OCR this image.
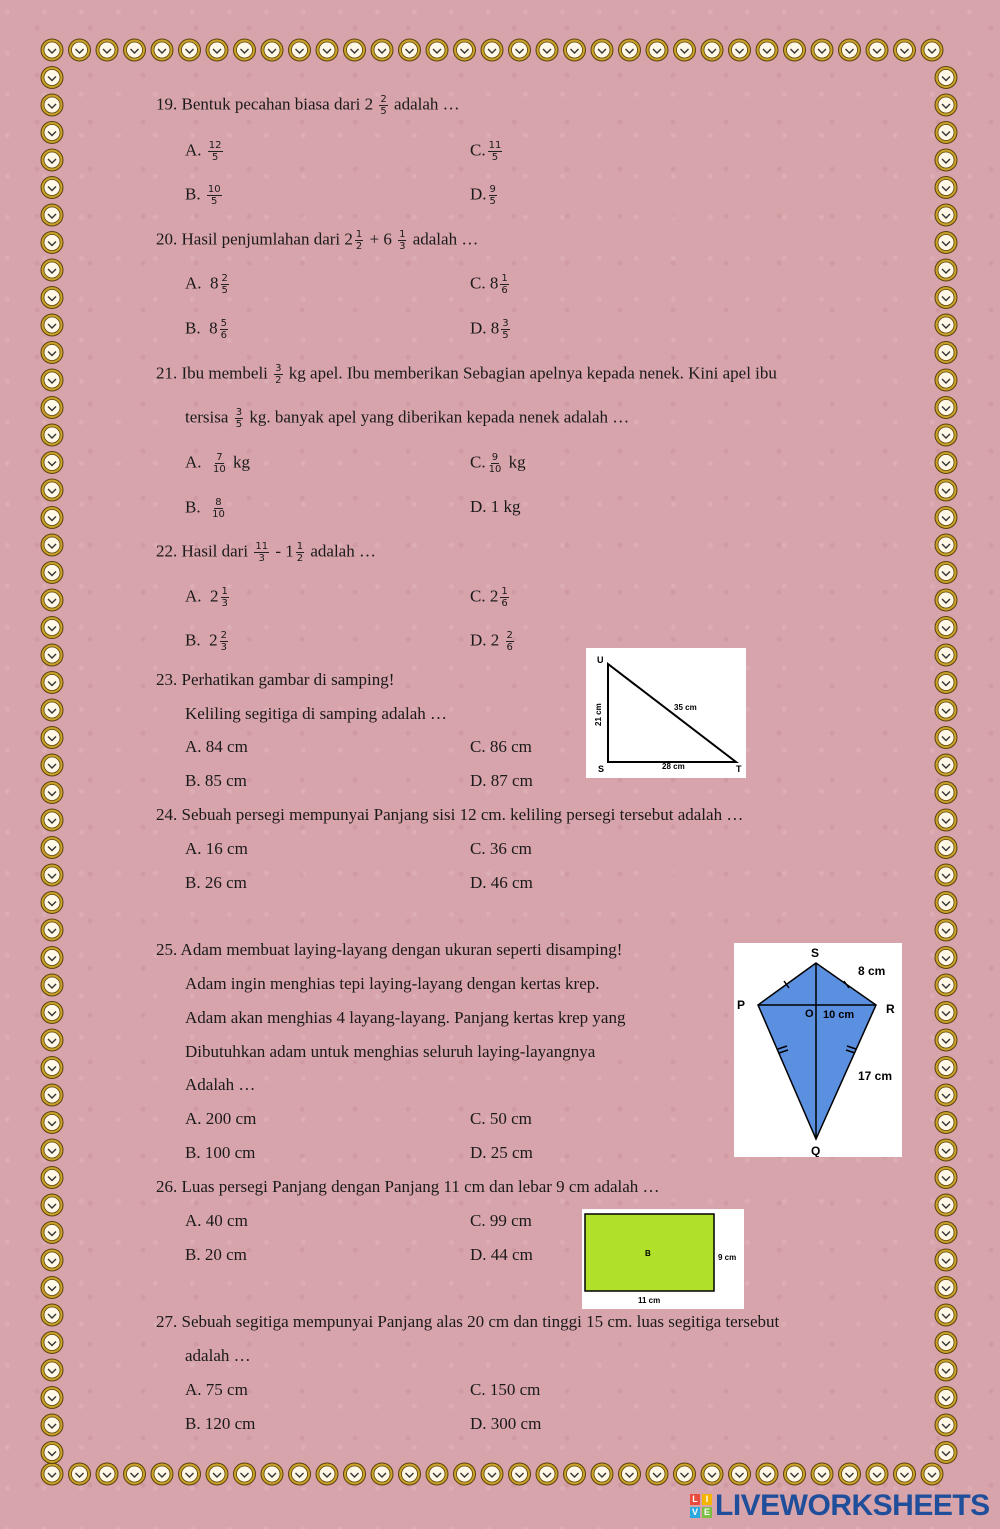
19. Bentuk pecahan biasa dari $2 \frac{2}{5}$ adalah …
A. $\frac{12}{5}$	C. $\frac{11}{5}$
B. $\frac{10}{5}$	D. $\frac{9}{5}$
20. Hasil penjumlahan dari $2 \frac{1}{2} + 6 \frac{1}{3}$ adalah …
A. $8 \frac{2}{5}$	C. $8 \frac{1}{6}$
B. $8 \frac{5}{6}$	D. $8 \frac{3}{5}$
21. Ibu membeli $\frac{3}{2}$ kg apel. Ibu memberikan Sebagian apelnya kepada nenek. Kini apel ibu
tersisa $\frac{3}{5}$ kg. banyak apel yang diberikan kepada nenek adalah …
A. $\frac{7}{10}$ kg	C. $\frac{9}{10}$ kg
B. $\frac{8}{10}$	D. 1 kg
22. Hasil dari $\frac{11}{3} - 1 \frac{1}{2}$ adalah …
A. $2 \frac{1}{3}$	C. $2 \frac{1}{6}$
B. $2 \frac{2}{3}$	D. $2 \frac{2}{6}$
23. Perhatikan gambar di samping!
Keliling segitiga di samping adalah …
A. 84 cm	C. 86 cm
B. 85 cm	D. 87 cm
U
S	T
35 cm
28 cm
21 cm
24. Sebuah persegi mempunyai Panjang sisi 12 cm. keliling persegi tersebut adalah …
A. 16 cm	C. 36 cm
B. 26 cm	D. 46 cm
25. Adam membuat laying-layang dengan ukuran seperti disamping!
Adam ingin menghias tepi laying-layang dengan kertas krep.
Adam akan menghias 4 layang-layang. Panjang kertas krep yang
Dibutuhkan adam untuk menghias seluruh laying-layangnya
Adalah …
A. 200 cm	C. 50 cm
B. 100 cm	D. 25 cm
S
P	R
Q
O
8 cm
10 cm
17 cm
26. Luas persegi Panjang dengan Panjang 11 cm dan lebar 9 cm adalah …
A. 40 cm	C. 99 cm
B. 20 cm	D. 44 cm	B	9 cm
11 cm
27. Sebuah segitiga mempunyai Panjang alas 20 cm dan tinggi 15 cm. luas segitiga tersebut
adalah …
A. 75 cm	C. 150 cm
B. 120 cm	D. 300 cm
L I
V E LIVEWORKSHEETS
